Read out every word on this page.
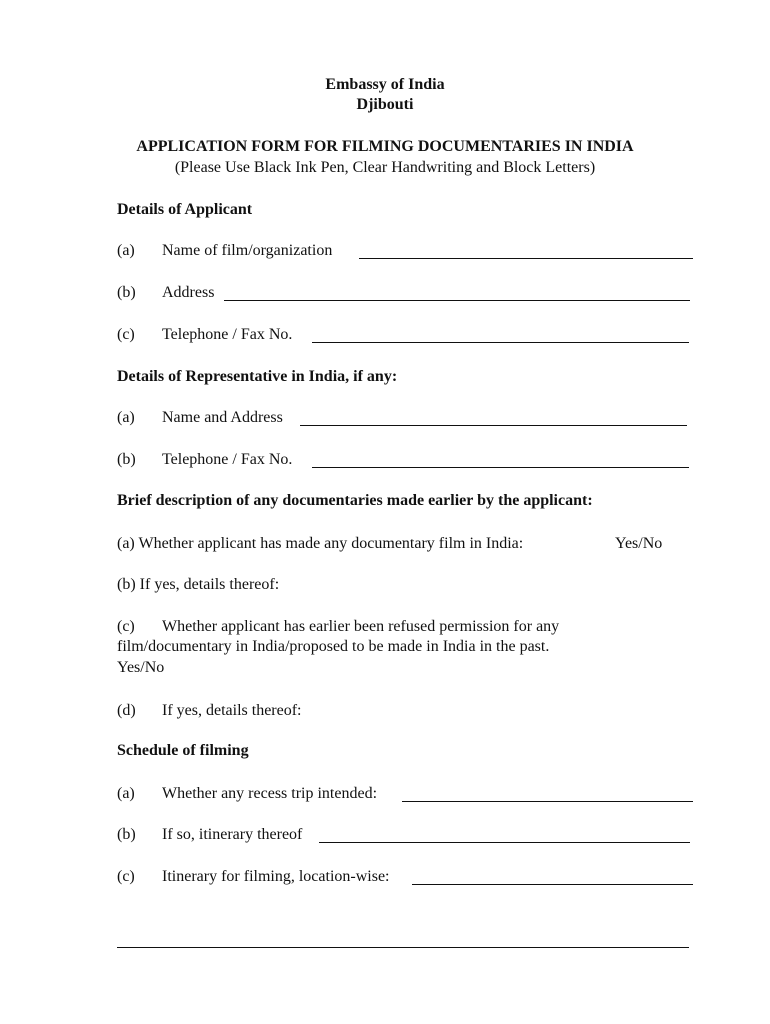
Embassy of India
Djibouti
APPLICATION FORM FOR FILMING DOCUMENTARIES IN INDIA
(Please Use Black Ink Pen, Clear Handwriting and Block Letters)
Details of Applicant
(a) Name of film/organization
(b) Address
(c) Telephone / Fax No.
Details of Representative in India, if any:
(a) Name and Address
(b) Telephone / Fax No.
Brief description of any documentaries made earlier by the applicant:
(a) Whether applicant has made any documentary film in India:	Yes/No
(b) If yes, details thereof:
(c) Whether applicant has earlier been refused permission for any
film/documentary in India/proposed to be made in India in the past.
Yes/No
(d) If yes, details thereof:
Schedule of filming
(a) Whether any recess trip intended:
(b) If so, itinerary thereof
(c) Itinerary for filming, location-wise:
